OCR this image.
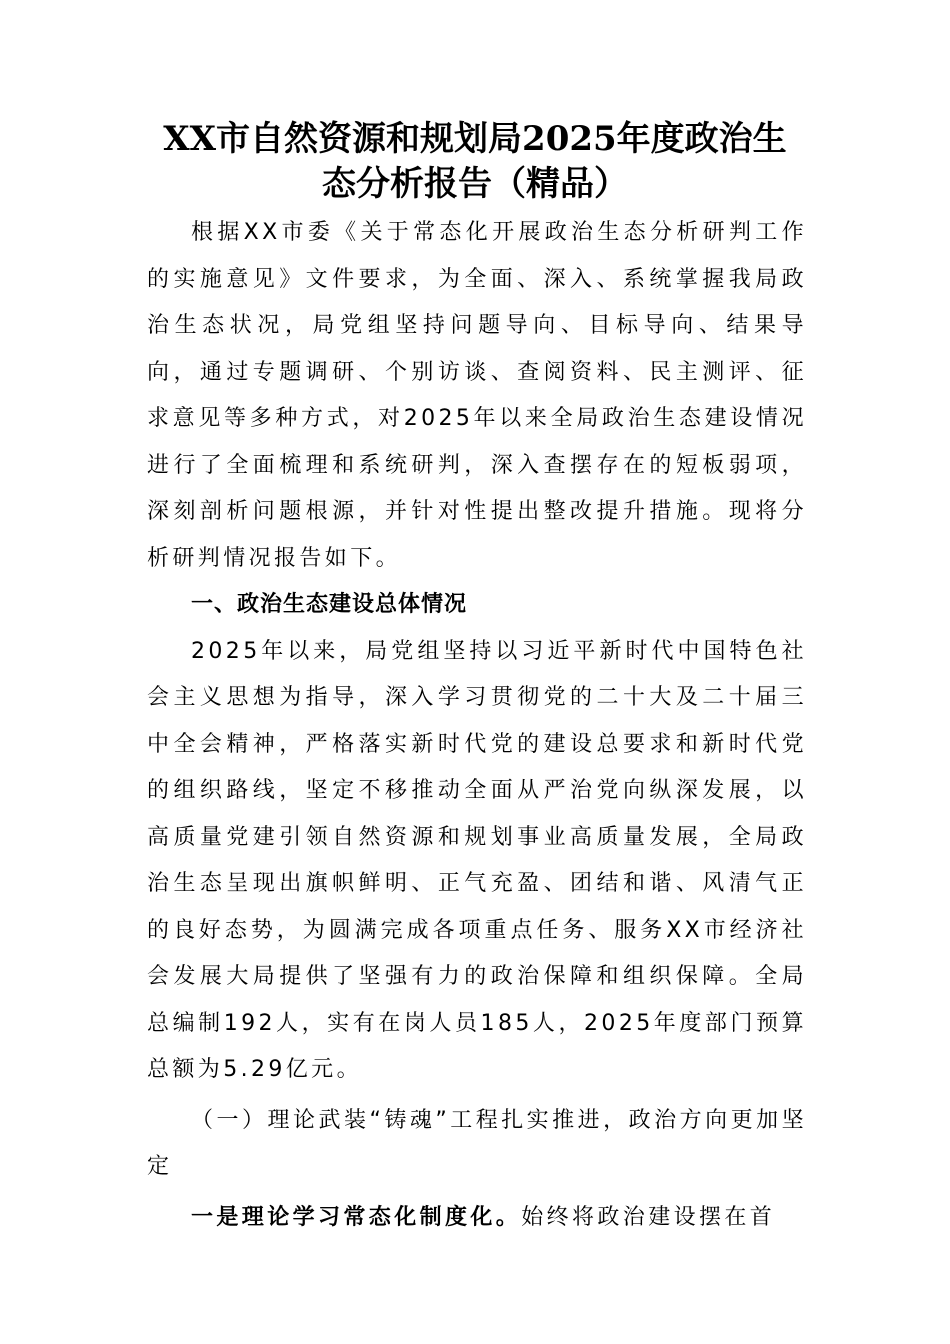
XX市自然资源和规划局2025年度政治生
态分析报告（精品）

根据XX市委《关于常态化开展政治生态分析研判工作的实施意见》文件要求，为全面、深入、系统掌握我局政治生态状况，局党组坚持问题导向、目标导向、结果导向，通过专题调研、个别访谈、查阅资料、民主测评、征求意见等多种方式，对2025年以来全局政治生态建设情况进行了全面梳理和系统研判，深入查摆存在的短板弱项，深刻剖析问题根源，并针对性提出整改提升措施。现将分析研判情况报告如下。

一、政治生态建设总体情况

2025年以来，局党组坚持以习近平新时代中国特色社会主义思想为指导，深入学习贯彻党的二十大及二十届三中全会精神，严格落实新时代党的建设总要求和新时代党的组织路线，坚定不移推动全面从严治党向纵深发展，以高质量党建引领自然资源和规划事业高质量发展，全局政治生态呈现出旗帜鲜明、正气充盈、团结和谐、风清气正的良好态势，为圆满完成各项重点任务、服务XX市经济社会发展大局提供了坚强有力的政治保障和组织保障。全局总编制192人，实有在岗人员185人，2025年度部门预算总额为5.29亿元。

（一）理论武装“铸魂”工程扎实推进，政治方向更加坚定

一是理论学习常态化制度化。始终将政治建设摆在首
